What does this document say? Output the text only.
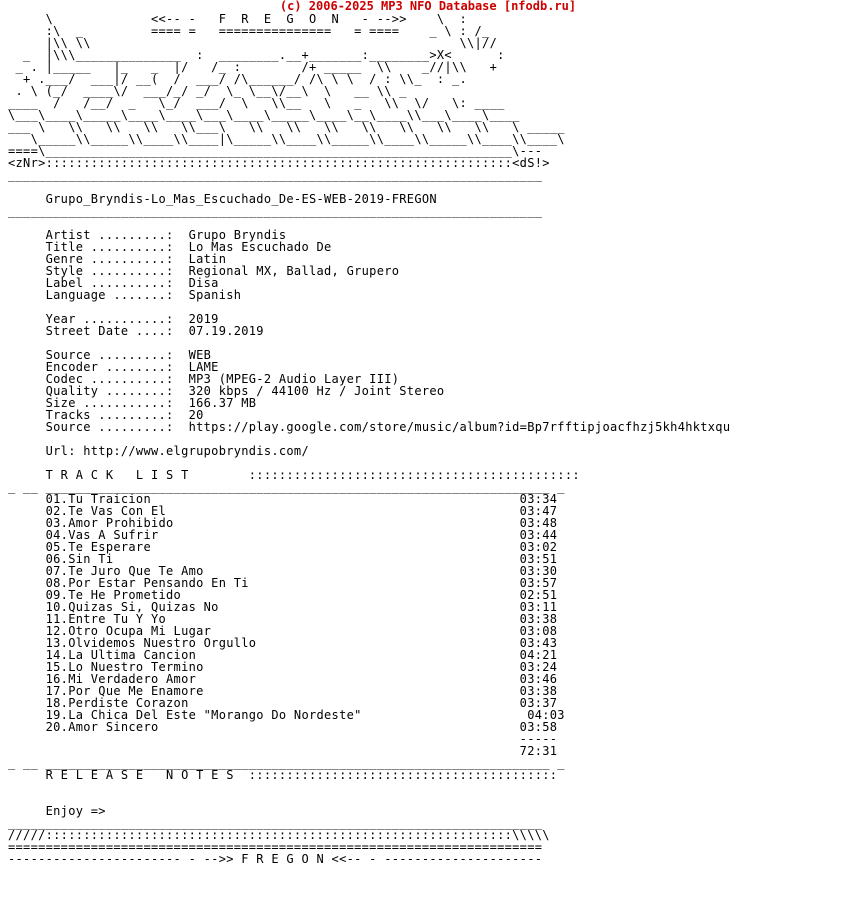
(c) 2006-2025 MP3 NFO Database [nfodb.ru]
\             <<-- -   F  R  E  G  O  N   - -->>    \  :
:\  _         ==== =   ===============   = ====    _ \ : /_
|\\ \\                                                 \\|//
_  |\\\______________  :  ________.__+_______:________>X<      :
_ . |_____   |_   _  |/   /_ :        /+ _____  \\    _//|\\   +
+ .___/  ___|/ __(  /  ___/ /\______/ /\ \ \  / : \\_  : _.
. \ (_/  ____\/  ___/_/ _/  \_ \__\/__\  \   __ \\ _
____  /   /__/  _   \_/  ___/  \   \\__   \   _   \\  \/   \: ____
\___\____\_____\____\____\___\____\_____\____\__\____\\___\____\____
___ \   \\   \\   \\   \\___\   \\   \\   \\   \\   \\   \\   \\   \ _____
\_____\\_____\\____\\____|\_____\\____\\_____\\____\\_____\\____\\____\
====\______________________________________________________________\---
<zNr>::::::::::::::::::::::::::::::::::::::::::::::::::::::::::::::<dS!>
_______________________________________________________________________

Grupo_Bryndis-Lo_Mas_Escuchado_De-ES-WEB-2019-FREGON
_______________________________________________________________________

Artist .........:  Grupo Bryndis
Title ..........:  Lo Mas Escuchado De
Genre ..........:  Latin
Style ..........:  Regional MX, Ballad, Grupero
Label ..........:  Disa
Language .......:  Spanish

Year ...........:  2019
Street Date ....:  07.19.2019

Source .........:  WEB
Encoder ........:  LAME
Codec ..........:  MP3 (MPEG-2 Audio Layer III)
Quality ........:  320 kbps / 44100 Hz / Joint Stereo
Size ...........:  166.37 MB
Tracks .........:  20
Source .........:  https://play.google.com/store/music/album?id=Bp7rfftipjoacfhzj5kh4hktxqu

Url: http://www.elgrupobryndis.com/

T R A C K   L I S T        ::::::::::::::::::::::::::::::::::::::::::::
_ __ ___________________________________________________________________ _
01.Tu Traicion                                                 03:34
02.Te Vas Con El                                               03:47
03.Amor Prohibido                                              03:48
04.Vas A Sufrir                                                03:44
05.Te Esperare                                                 03:02
06.Sin Ti                                                      03:51
07.Te Juro Que Te Amo                                          03:30
08.Por Estar Pensando En Ti                                    03:57
09.Te He Prometido                                             02:51
10.Quizas Si, Quizas No                                        03:11
11.Entre Tu Y Yo                                               03:38
12.Otro Ocupa Mi Lugar                                         03:08
13.Olvidemos Nuestro Orgullo                                   03:43
14.La Ultima Cancion                                           04:21
15.Lo Nuestro Termino                                          03:24
16.Mi Verdadero Amor                                           03:46
17.Por Que Me Enamore                                          03:38
18.Perdiste Corazon                                            03:37
19.La Chica Del Este "Morango Do Nordeste"                      04:03
20.Amor Sincero                                                03:58
-----
72:31
_ __ ___________________________________________________________________ _
R E L E A S E   N O T E S  :::::::::::::::::::::::::::::::::::::::::

Enjoy =>
_______________________________________________________________________
/////::::::::::::::::::::::::::::::::::::::::::::::::::::::::::::::\\\\\
=======================================================================
----------------------- - -->> F R E G O N <<-- - ---------------------
